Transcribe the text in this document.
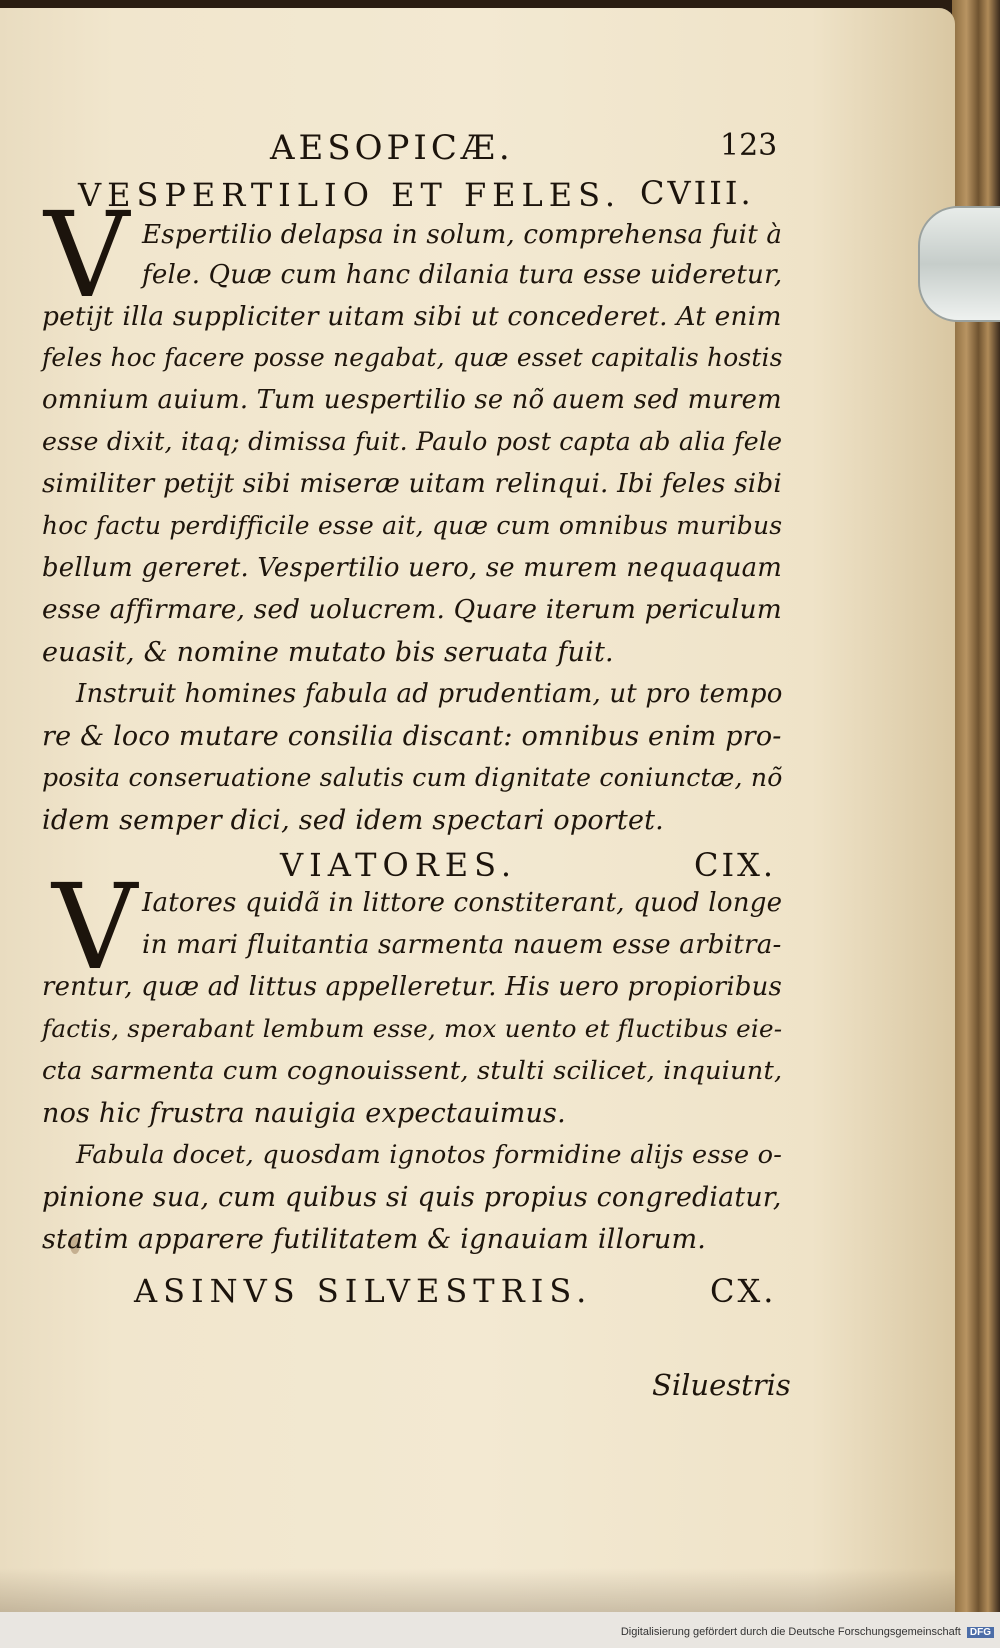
AESOPICÆ.	123
VESPERTILIO ET FELES. CVIII.
V Espertilio delapsa in solum, comprehensa fuit à
fele. Quæ cum hanc dilania tura esse uideretur,
petijt illa suppliciter uitam sibi ut concederet. At enim
feles hoc facere posse negabat, quæ esset capitalis hostis
omnium auium. Tum uespertilio se nõ auem sed murem
esse dixit, itaq; dimissa fuit. Paulo post capta ab alia fele
similiter petijt sibi miseræ uitam relinqui. Ibi feles sibi
hoc factu perdifficile esse ait, quæ cum omnibus muribus
bellum gereret. Vespertilio uero, se murem nequaquam
esse affirmare, sed uolucrem. Quare iterum periculum
euasit, & nomine mutato bis seruata fuit.
Instruit homines fabula ad prudentiam, ut pro tempo
re & loco mutare consilia discant: omnibus enim pro-
posita conseruatione salutis cum dignitate coniunctæ, nõ
idem semper dici, sed idem spectari oportet.
VIATORES.	CIX.
V Iatores quidã in littore constiterant, quod longe
in mari fluitantia sarmenta nauem esse arbitra-
rentur, quæ ad littus appelleretur. His uero propioribus
factis, sperabant lembum esse, mox uento et fluctibus eie-
cta sarmenta cum cognouissent, stulti scilicet, inquiunt,
nos hic frustra nauigia expectauimus.
Fabula docet, quosdam ignotos formidine alijs esse o-
pinione sua, cum quibus si quis propius congrediatur,
statim apparere futilitatem & ignauiam illorum.
ASINVS SILVESTRIS.	CX.
Siluestris
Digitalisierung gefördert durch die Deutsche Forschungsgemeinschaft DFG
